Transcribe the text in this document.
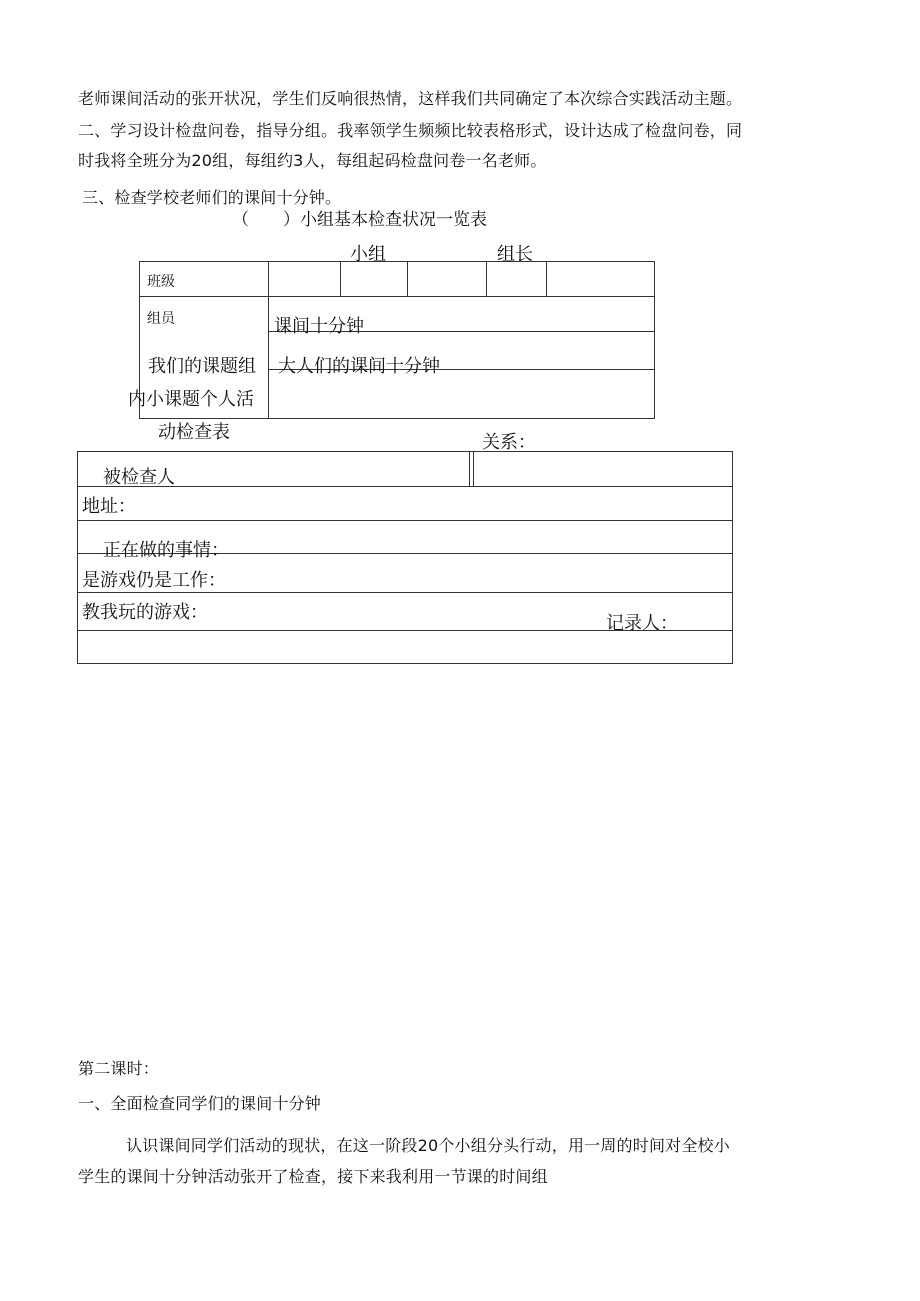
老师课间活动的张开状况，学生们反响很热情，这样我们共同确定了本次综合实践活动主题。

二、学习设计检盘问卷，指导分组。我率领学生频频比较表格形式，设计达成了检盘问卷，同

时我将全班分为20组，每组约3人，每组起码检盘问卷一名老师。

三、检查学校老师们的课间十分钟。

（　　）小组基本检查状况一览表

小组	组长

班级

组员	课间十分钟

我们的课题组 大人们的课间十分钟

内小课题个人活

动检查表	关系：

被检查人

地址：

正在做的事情：

是游戏仍是工作：

教我玩的游戏：

记录人：

第二课时：

一、全面检查同学们的课间十分钟

认识课间同学们活动的现状，在这一阶段20个小组分头行动，用一周的时间对全校小

学生的课间十分钟活动张开了检查，接下来我利用一节课的时间组
